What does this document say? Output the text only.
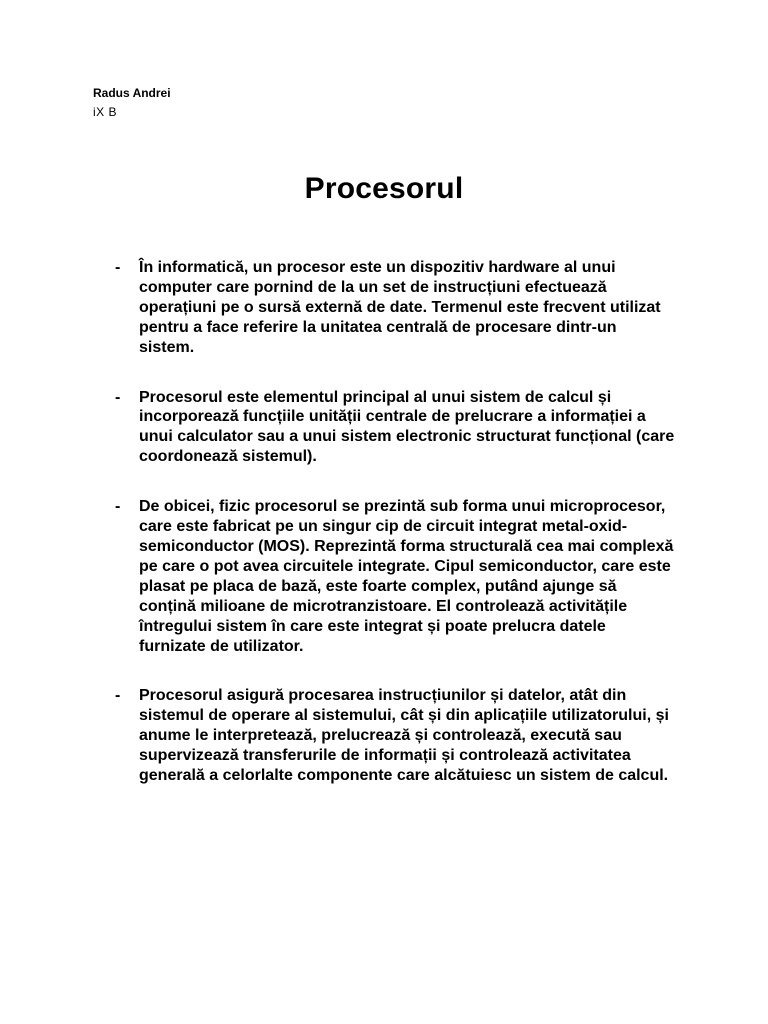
Radus Andrei
iX B
Procesorul
- În informatică, un procesor este un dispozitiv hardware al unui computer care pornind de la un set de instrucțiuni efectuează operațiuni pe o sursă externă de date. Termenul este frecvent utilizat pentru a face referire la unitatea centrală de procesare dintr-un sistem.
- Procesorul este elementul principal al unui sistem de calcul și incorporează funcțiile unității centrale de prelucrare a informației a unui calculator sau a unui sistem electronic structurat funcțional (care coordonează sistemul).
- De obicei, fizic procesorul se prezintă sub forma unui microprocesor, care este fabricat pe un singur cip de circuit integrat metal-oxid-semiconductor (MOS). Reprezintă forma structurală cea mai complexă pe care o pot avea circuitele integrate. Cipul semiconductor, care este plasat pe placa de bază, este foarte complex, putând ajunge să conțină milioane de microtranzistoare. El controlează activitățile întregului sistem în care este integrat și poate prelucra datele furnizate de utilizator.
- Procesorul asigură procesarea instrucțiunilor și datelor, atât din sistemul de operare al sistemului, cât și din aplicațiile utilizatorului, și anume le interpretează, prelucrează și controlează, execută sau supervizează transferurile de informații și controlează activitatea generală a celorlalte componente care alcătuiesc un sistem de calcul.
